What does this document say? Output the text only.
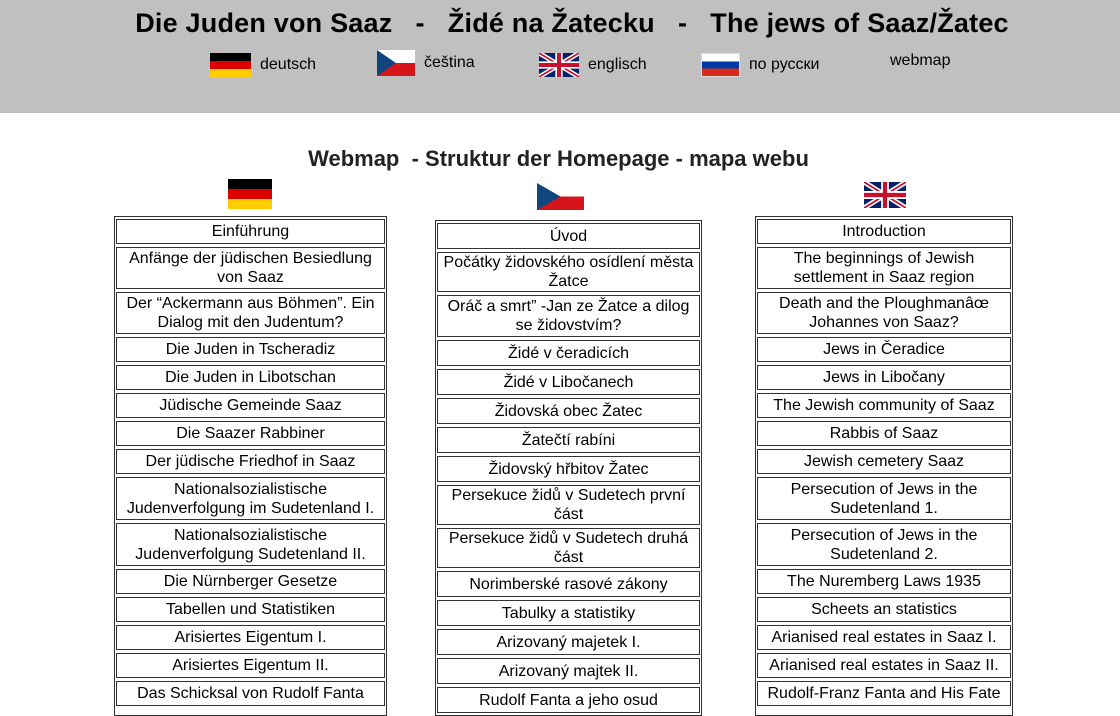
Die Juden von Saaz   -   Židé na Žatecku   -   The jews of Saaz/Žatec
deutsch	čeština	englisch	по русски	webmap
Webmap  - Struktur der Homepage - mapa webu
Einführung
Anfänge der jüdischen Besiedlung von Saaz
Der “Ackermann aus Böhmen”. Ein Dialog mit den Judentum?
Die Juden in Tscheradiz
Die Juden in Libotschan
Jüdische Gemeinde Saaz
Die Saazer Rabbiner
Der jüdische Friedhof in Saaz
Nationalsozialistische Judenverfolgung im Sudetenland I.
Nationalsozialistische Judenverfolgung Sudetenland II.
Die Nürnberger Gesetze
Tabellen und Statistiken
Arisiertes Eigentum I.
Arisiertes Eigentum II.
Das Schicksal von Rudolf Fanta
Úvod
Počátky židovského osídlení města Žatce
Oráč a smrt” -Jan ze Žatce a dilog se židovstvím?
Židé v čeradicích
Židé v Libočanech
Židovská obec Žatec
Žatečtí rabíni
Židovský hřbitov Žatec
Persekuce židů v Sudetech první část
Persekuce židů v Sudetech druhá část
Norimberské rasové zákony
Tabulky a statistiky
Arizovaný majetek I.
Arizovaný majtek II.
Rudolf Fanta a jeho osud
Introduction
The beginnings of Jewish settlement in Saaz region
Death and the Ploughmanâœ Johannes von Saaz?
Jews in Čeradice
Jews in Libočany
The Jewish community of Saaz
Rabbis of Saaz
Jewish cemetery Saaz
Persecution of Jews in the Sudetenland 1.
Persecution of Jews in the Sudetenland 2.
The Nuremberg Laws 1935
Scheets an statistics
Arianised real estates in Saaz I.
Arianised real estates in Saaz II.
Rudolf-Franz Fanta and His Fate
